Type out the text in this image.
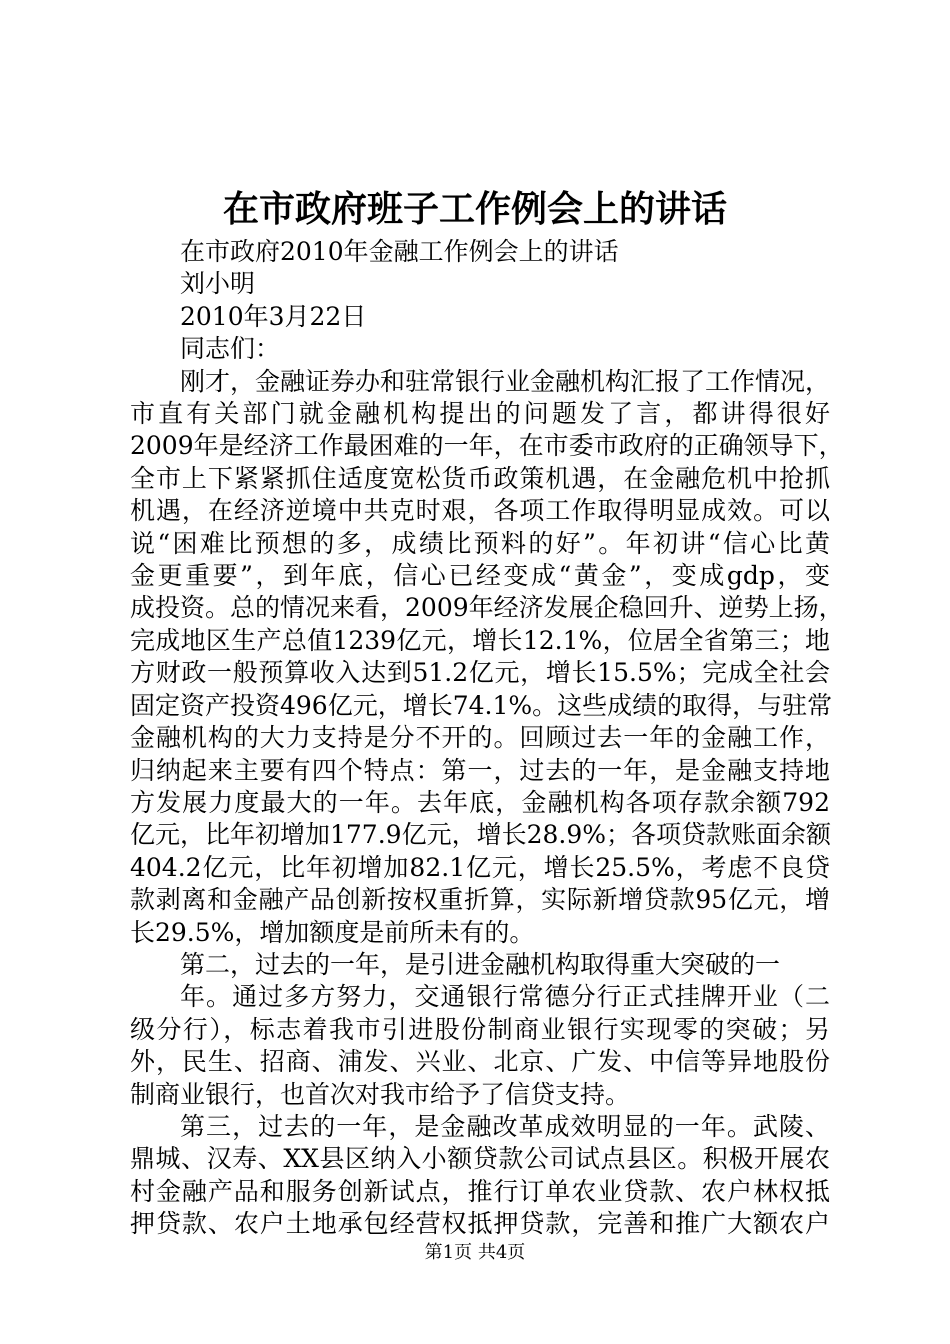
在市政府班子工作例会上的讲话

在市政府2010年金融工作例会上的讲话

刘小明

2010年3月22日

同志们：

刚才，金融证券办和驻常银行业金融机构汇报了工作情况，

市直有关部门就金融机构提出的问题发了言，都讲得很好

2009年是经济工作最困难的一年，在市委市政府的正确领导下，

全市上下紧紧抓住适度宽松货币政策机遇，在金融危机中抢抓

机遇，在经济逆境中共克时艰，各项工作取得明显成效。可以

说“困难比预想的多，成绩比预料的好”。年初讲“信心比黄

金更重要”，到年底，信心已经变成“黄金”，变成gdp，变

成投资。总的情况来看，2009年经济发展企稳回升、逆势上扬，

完成地区生产总值1239亿元，增长12.1%，位居全省第三；地

方财政一般预算收入达到51.2亿元，增长15.5%；完成全社会

固定资产投资496亿元，增长74.1%。这些成绩的取得，与驻常

金融机构的大力支持是分不开的。回顾过去一年的金融工作，

归纳起来主要有四个特点：第一，过去的一年，是金融支持地

方发展力度最大的一年。去年底，金融机构各项存款余额792

亿元，比年初增加177.9亿元，增长28.9%；各项贷款账面余额

404.2亿元，比年初增加82.1亿元，增长25.5%，考虑不良贷

款剥离和金融产品创新按权重折算，实际新增贷款95亿元，增

长29.5%，增加额度是前所未有的。

第二，过去的一年，是引进金融机构取得重大突破的一

年。通过多方努力，交通银行常德分行正式挂牌开业（二

级分行），标志着我市引进股份制商业银行实现零的突破；另

外，民生、招商、浦发、兴业、北京、广发、中信等异地股份

制商业银行，也首次对我市给予了信贷支持。

第三，过去的一年，是金融改革成效明显的一年。武陵、

鼎城、汉寿、XX县区纳入小额贷款公司试点县区。积极开展农

村金融产品和服务创新试点，推行订单农业贷款、农户林权抵

押贷款、农户土地承包经营权抵押贷款，完善和推广大额农户

第1页 共4页
